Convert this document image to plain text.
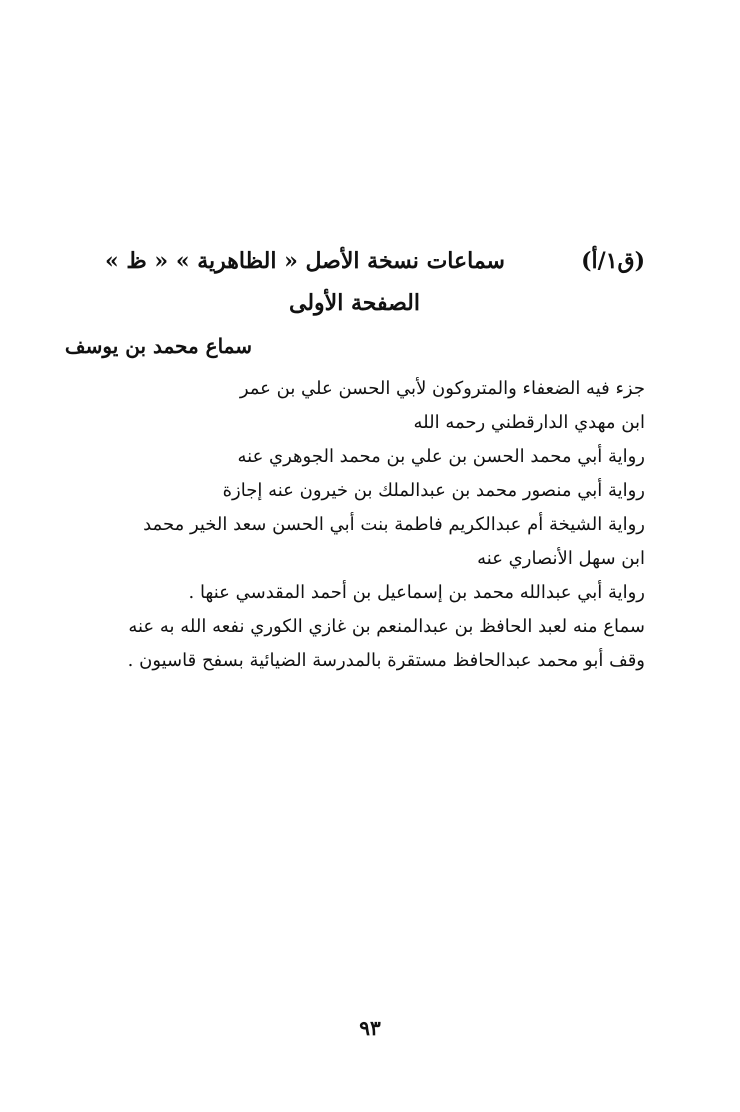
(ق١/أ)
سماعات نسخة الأصل « الظاهرية » « ظ »
الصفحة الأولى
سماع محمد بن يوسف
جزء فيه الضعفاء والمتروكون لأبي الحسن علي بن عمر
ابن مهدي الدارقطني رحمه الله
رواية أبي محمد الحسن بن علي بن محمد الجوهري عنه
رواية أبي منصور محمد بن عبدالملك بن خيرون عنه إجازة
رواية الشيخة أم عبدالكريم فاطمة بنت أبي الحسن سعد الخير محمد
ابن سهل الأنصاري عنه
رواية أبي عبدالله محمد بن إسماعيل بن أحمد المقدسي عنها .
سماع منه لعبد الحافظ بن عبدالمنعم بن غازي الكوري نفعه الله به عنه
وقف أبو محمد عبدالحافظ مستقرة بالمدرسة الضيائية بسفح قاسيون .
٩٣
